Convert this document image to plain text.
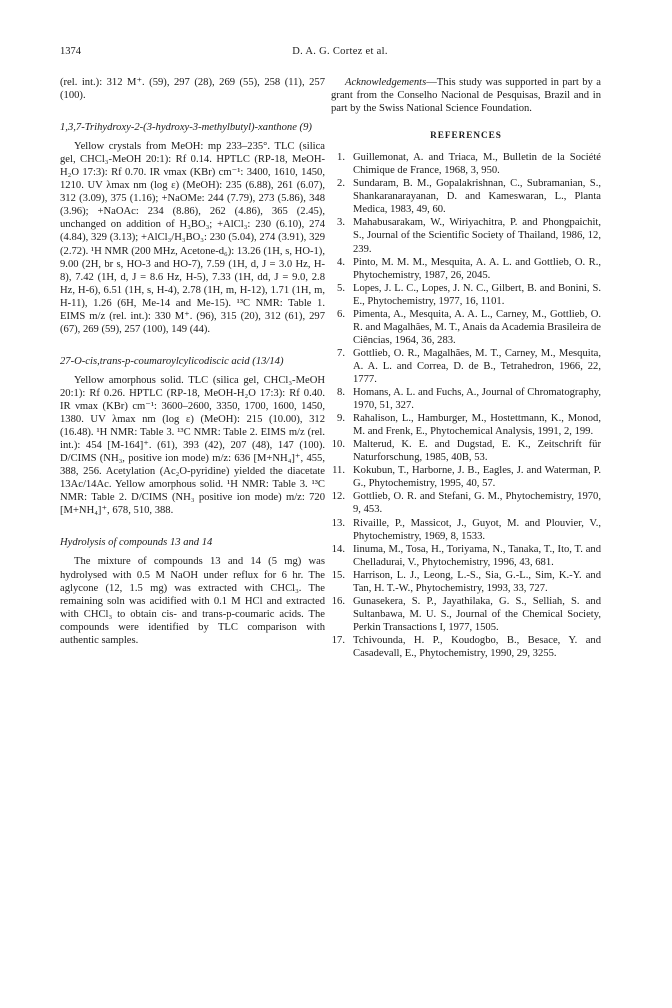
1374	D. A. G. Cortez et al.

(rel. int.): 312 M⁺. (59), 297 (28), 269 (55), 258 (11), 257 (100).

1,3,7-Trihydroxy-2-(3-hydroxy-3-methylbutyl)-xanthone (9)

Yellow crystals from MeOH: mp 233–235°. TLC (silica gel, CHCl₃-MeOH 20:1): Rf 0.14. HPTLC (RP-18, MeOH-H₂O 17:3): Rf 0.70. IR νmax (KBr) cm⁻¹: 3400, 1610, 1450, 1210. UV λmax nm (log ε) (MeOH): 235 (6.88), 261 (6.07), 312 (3.09), 375 (1.16); +NaOMe: 244 (7.79), 273 (5.86), 348 (3.96); +NaOAc: 234 (8.86), 262 (4.86), 365 (2.45), unchanged on addition of H₃BO₃; +AlCl₃: 230 (6.10), 274 (4.84), 329 (3.13); +AlCl₃/H₃BO₃: 230 (5.04), 274 (3.91), 329 (2.72). ¹H NMR (200 MHz, Acetone-d₆): 13.26 (1H, s, HO-1), 9.00 (2H, br s, HO-3 and HO-7), 7.59 (1H, d, J = 3.0 Hz, H-8), 7.42 (1H, d, J = 8.6 Hz, H-5), 7.33 (1H, dd, J = 9.0, 2.8 Hz, H-6), 6.51 (1H, s, H-4), 2.78 (1H, m, H-12), 1.71 (1H, m, H-11), 1.26 (6H, Me-14 and Me-15). ¹³C NMR: Table 1. EIMS m/z (rel. int.): 330 M⁺. (96), 315 (20), 312 (61), 297 (67), 269 (59), 257 (100), 149 (44).

27-O-cis,trans-p-coumaroylcylicodiscic acid (13/14)

Yellow amorphous solid. TLC (silica gel, CHCl₃-MeOH 20:1): Rf 0.26. HPTLC (RP-18, MeOH-H₂O 17:3): Rf 0.40. IR νmax (KBr) cm⁻¹: 3600–2600, 3350, 1700, 1600, 1450, 1380. UV λmax nm (log ε) (MeOH): 215 (10.00), 312 (16.48). ¹H NMR: Table 3. ¹³C NMR: Table 2. EIMS m/z (rel. int.): 454 [M-164]⁺. (61), 393 (42), 207 (48), 147 (100). D/CIMS (NH₃, positive ion mode) m/z: 636 [M+NH₄]⁺, 455, 388, 256. Acetylation (Ac₂O-pyridine) yielded the diacetate 13Ac/14Ac. Yellow amorphous solid. ¹H NMR: Table 3. ¹³C NMR: Table 2. D/CIMS (NH₃ positive ion mode) m/z: 720 [M+NH₄]⁺, 678, 510, 388.

Hydrolysis of compounds 13 and 14

The mixture of compounds 13 and 14 (5 mg) was hydrolysed with 0.5 M NaOH under reflux for 6 hr. The aglycone (12, 1.5 mg) was extracted with CHCl₃. The remaining soln was acidified with 0.1 M HCl and extracted with CHCl₃ to obtain cis- and trans-p-coumaric acids. The compounds were identified by TLC comparison with authentic samples.

Acknowledgements—This study was supported in part by a grant from the Conselho Nacional de Pesquisas, Brazil and in part by the Swiss National Science Foundation.

REFERENCES
1. Guillemonat, A. and Triaca, M., Bulletin de la Société Chimique de France, 1968, 3, 950.
2. Sundaram, B. M., Gopalakrishnan, C., Subramanian, S., Shankaranarayanan, D. and Kameswaran, L., Planta Medica, 1983, 49, 60.
3. Mahabusarakam, W., Wiriyachitra, P. and Phongpaichit, S., Journal of the Scientific Society of Thailand, 1986, 12, 239.
4. Pinto, M. M. M., Mesquita, A. A. L. and Gottlieb, O. R., Phytochemistry, 1987, 26, 2045.
5. Lopes, J. L. C., Lopes, J. N. C., Gilbert, B. and Bonini, S. E., Phytochemistry, 1977, 16, 1101.
6. Pimenta, A., Mesquita, A. A. L., Carney, M., Gottlieb, O. R. and Magalhães, M. T., Anais da Academia Brasileira de Ciências, 1964, 36, 283.
7. Gottlieb, O. R., Magalhães, M. T., Carney, M., Mesquita, A. A. L. and Correa, D. de B., Tetrahedron, 1966, 22, 1777.
8. Homans, A. L. and Fuchs, A., Journal of Chromatography, 1970, 51, 327.
9. Rahalison, L., Hamburger, M., Hostettmann, K., Monod, M. and Frenk, E., Phytochemical Analysis, 1991, 2, 199.
10. Malterud, K. E. and Dugstad, E. K., Zeitschrift für Naturforschung, 1985, 40B, 53.
11. Kokubun, T., Harborne, J. B., Eagles, J. and Waterman, P. G., Phytochemistry, 1995, 40, 57.
12. Gottlieb, O. R. and Stefani, G. M., Phytochemistry, 1970, 9, 453.
13. Rivaille, P., Massicot, J., Guyot, M. and Plouvier, V., Phytochemistry, 1969, 8, 1533.
14. Iinuma, M., Tosa, H., Toriyama, N., Tanaka, T., Ito, T. and Chelladurai, V., Phytochemistry, 1996, 43, 681.
15. Harrison, L. J., Leong, L.-S., Sia, G.-L., Sim, K.-Y. and Tan, H. T.-W., Phytochemistry, 1993, 33, 727.
16. Gunasekera, S. P., Jayathilaka, G. S., Selliah, S. and Sultanbawa, M. U. S., Journal of the Chemical Society, Perkin Transactions I, 1977, 1505.
17. Tchivounda, H. P., Koudogbo, B., Besace, Y. and Casadevall, E., Phytochemistry, 1990, 29, 3255.
